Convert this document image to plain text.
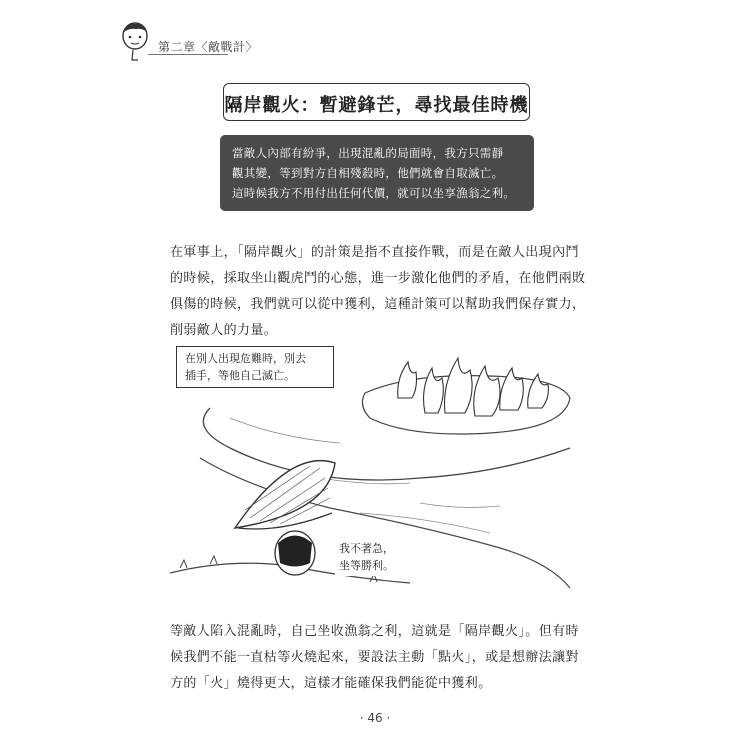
第二章〈敵戰計〉
隔岸觀火：暫避鋒芒，尋找最佳時機

當敵人內部有紛爭，出現混亂的局面時，我方只需靜

觀其變，等到對方自相殘殺時，他們就會自取滅亡。

這時候我方不用付出任何代價，就可以坐享漁翁之利。

在軍事上，「隔岸觀火」的計策是指不直接作戰，而是在敵人出現內鬥

的時候，採取坐山觀虎鬥的心態，進一步激化他們的矛盾，在他們兩敗

俱傷的時候，我們就可以從中獲利，這種計策可以幫助我們保存實力，

削弱敵人的力量。

在別人出現危難時，別去
插手，等他自己滅亡。
我不著急，
坐等勝利。

等敵人陷入混亂時，自己坐收漁翁之利，這就是「隔岸觀火」。但有時

候我們不能一直枯等火燒起來，要設法主動「點火」，或是想辦法讓對

方的「火」燒得更大，這樣才能確保我們能從中獲利。

· 46 ·
